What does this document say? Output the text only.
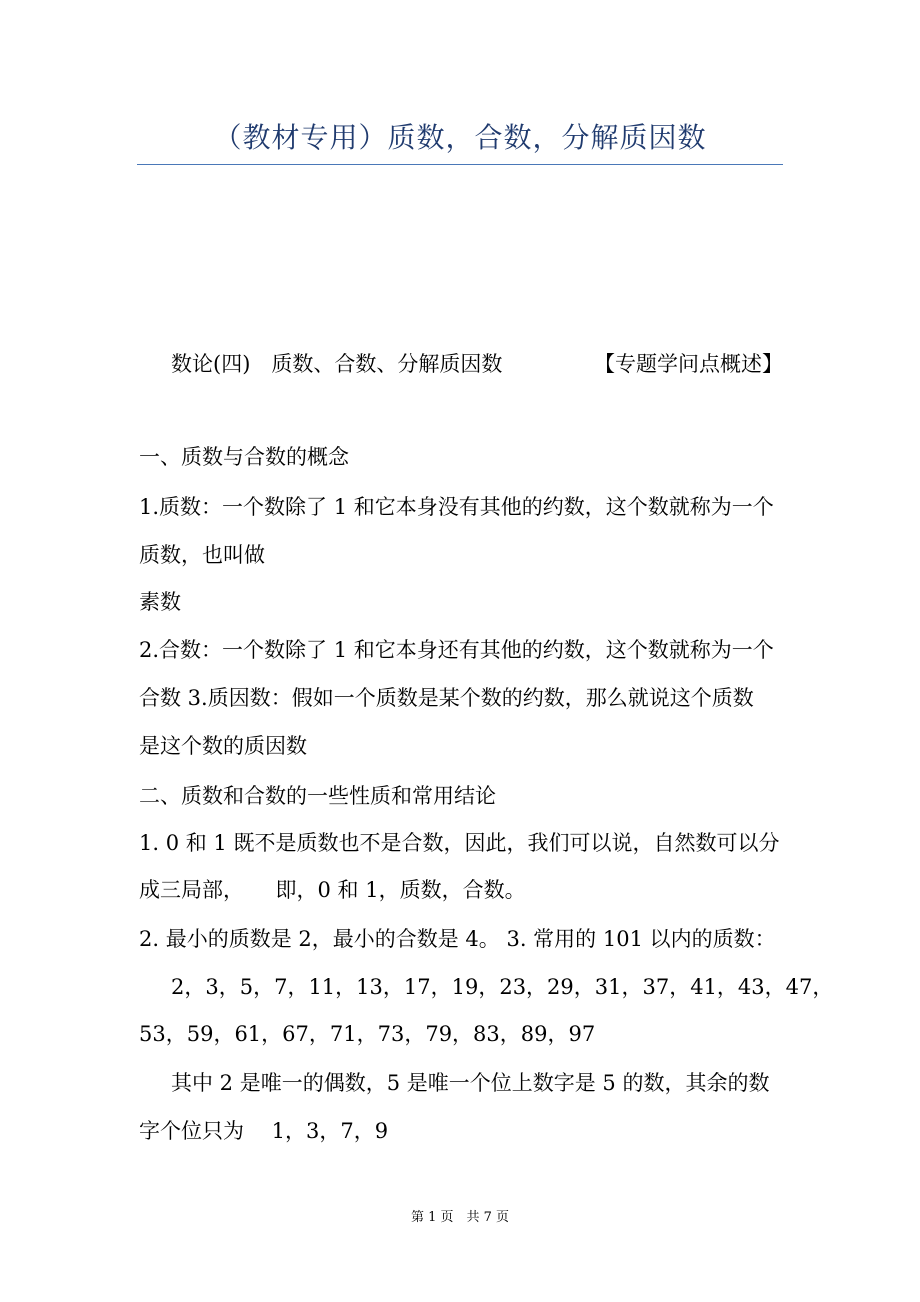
（教材专用）质数，合数，分解质因数
数论(四)　质数、合数、分解质因数	【专题学问点概述】
一、质数与合数的概念
1.质数：一个数除了 1 和它本身没有其他的约数，这个数就称为一个
质数，也叫做
素数
2.合数：一个数除了 1 和它本身还有其他的约数，这个数就称为一个
合数 3.质因数：假如一个质数是某个数的约数，那么就说这个质数
是这个数的质因数
二、质数和合数的一些性质和常用结论
1. 0 和 1 既不是质数也不是合数，因此，我们可以说，自然数可以分
成三局部，　　即，0 和 1，质数，合数。
2. 最小的质数是 2，最小的合数是 4。 3. 常用的 101 以内的质数：
2，3，5，7，11，13，17，19，23，29，31，37，41，43，47，
53，59，61，67，71，73，79，83，89，97
其中 2 是唯一的偶数，5 是唯一个位上数字是 5 的数，其余的数
字个位只为　 1，3，7，9
第 1 页　共 7 页
